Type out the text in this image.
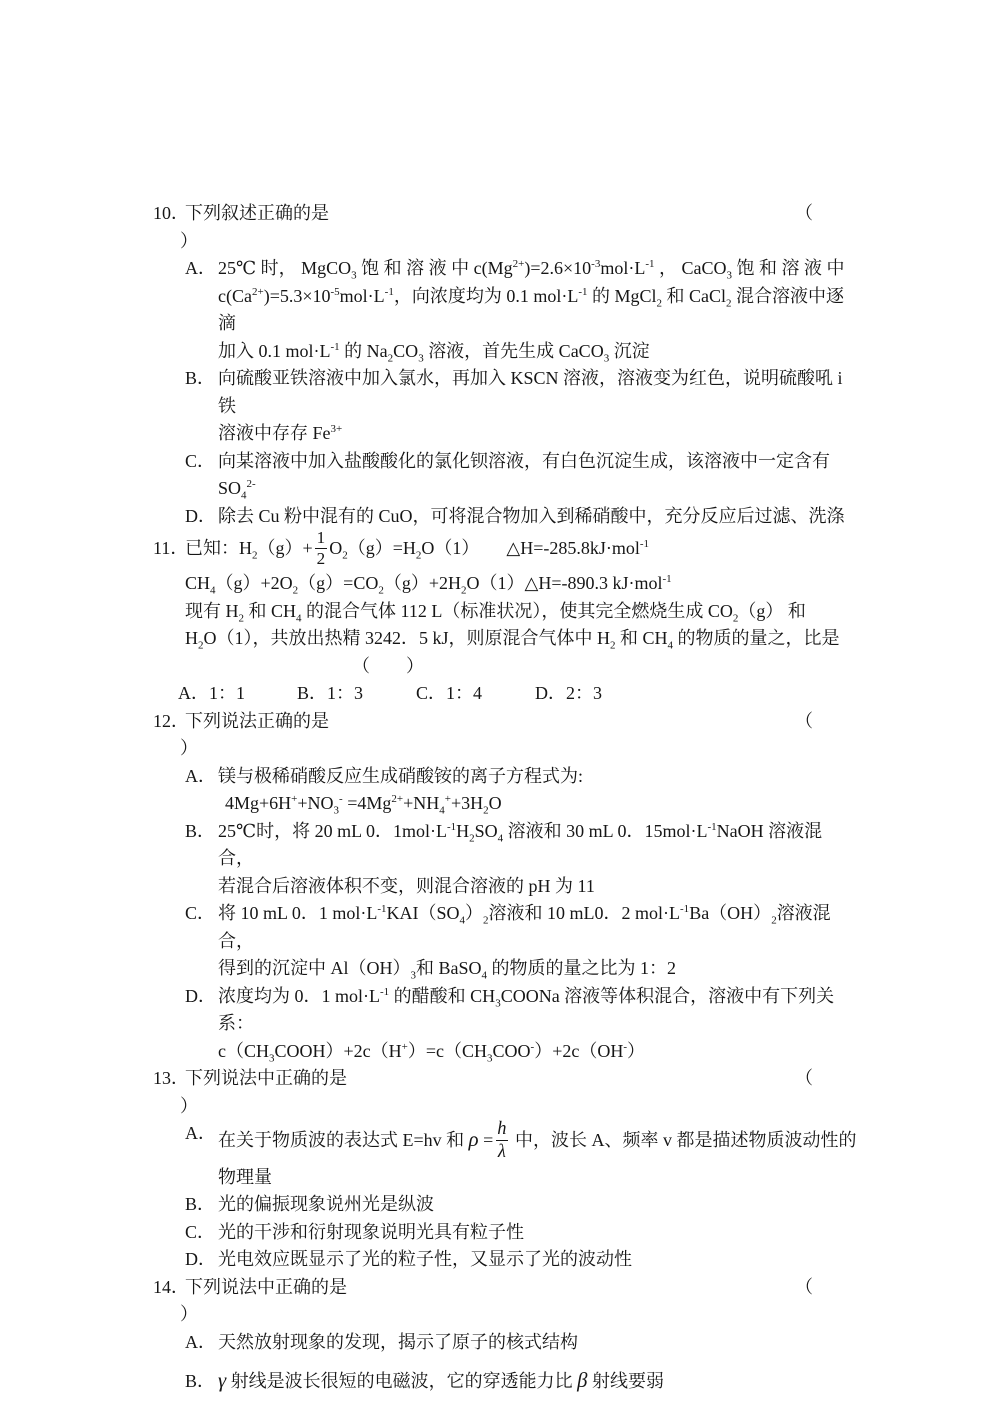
10．下列叙述正确的是	（
）
A． 25℃ 时， MgCO$_3$ 饱 和 溶 液 中 $c(Mg^{2+})=2.6\times 10^{-3}mol\cdot L^{-1}$ ， CaCO$_3$ 饱 和 溶 液 中
$c(Ca^{2+})=5.3\times 10^{-5}mol\cdot L^{-1}$，向浓度均为 0.1 $mol\cdot L^{-1}$ 的 MgCl$_2$ 和 CaCl$_2$ 混合溶液中逐滴
加入 0.1 $mol\cdot L^{-1}$ 的 $Na_2CO_3$ 溶液，首先生成 CaCO$_3$ 沉淀
B． 向硫酸亚铁溶液中加入氯水，再加入 KSCN 溶液，溶液变为红色，说明硫酸吼 i 铁
溶液中存存 $Fe^{3+}$
C． 向某溶液中加入盐酸酸化的氯化钡溶液，有白色沉淀生成，该溶液中一定含有
$SO_4^{2-}$
D． 除去 Cu 粉中混有的 CuO，可将混合物加入到稀硝酸中，充分反应后过滤、洗涤
11．已知：$H_2(g)+ \frac{1}{2} O_2(g)=H_2O(1)$　　△H=-285.8kJ·mol$^{-1}$
$CH_4(g)+2O_2(g)=CO_2(g)+2H_2O(1)\triangle H=-890.3$ kJ·mol$^{-1}$
现有 $H_2$ 和 $CH_4$ 的混合气体 112 L（标准状况），使其完全燃烧生成 $CO_2(g)$ 和
$H_2O(1)$，共放出热精 3242．5 kJ，则原混合气体中 $H_2$ 和 $CH_4$ 的物质的量之，比是
（　　）
A．1：1	B．1：3	C．1：4	D．2：3
12．下列说法正确的是	（
）
A． 镁与极稀硝酸反应生成硝酸铵的离子方程式为:
$4Mg+6H^++NO_3^- =4Mg^{2+}+NH_4^++3H_2O$
B． 25℃时，将 20 mL 0．$1mol\cdot L^{-1}H_2SO_4$ 溶液和 30 mL 0．$15mol\cdot L^{-1}NaOH$ 溶液混合，
若混合后溶液体积不变，则混合溶液的 pH 为 11
C． 将 10 mL 0．1 $mol\cdot L^{-1}KAI(SO_4)_2$溶液和 10 mL0．2 $mol\cdot L^{-1}Ba(OH)_2$溶液混合，
得到的沉淀中 $Al(OH)_3$和 BaSO$_4$ 的物质的量之比为 1：2
D． 浓度均为 0．1 $mol\cdot L^{-1}$ 的醋酸和 $CH_3COONa$ 溶液等体积混合，溶液中有下列关系：
$c(CH_3COOH)+2c(H^+)=c(CH_3COO^-)+2c(OH^-)$
13．下列说法中正确的是	（
）
A． 在关于物质波的表达式 E=hv 和 $\rho = \frac{h}{\lambda}$ 中，波长 A、频率 v 都是描述物质波动性的
物理量
B． 光的偏振现象说州光是纵波
C． 光的干涉和衍射现象说明光具有粒子性
D． 光电效应既显示了光的粒子性，又显示了光的波动性
14．下列说法中正确的是	（
）
A． 天然放射现象的发现，揭示了原子的核式结构
B． γ 射线是波长很短的电磁波，它的穿透能力比 β 射线要弱
